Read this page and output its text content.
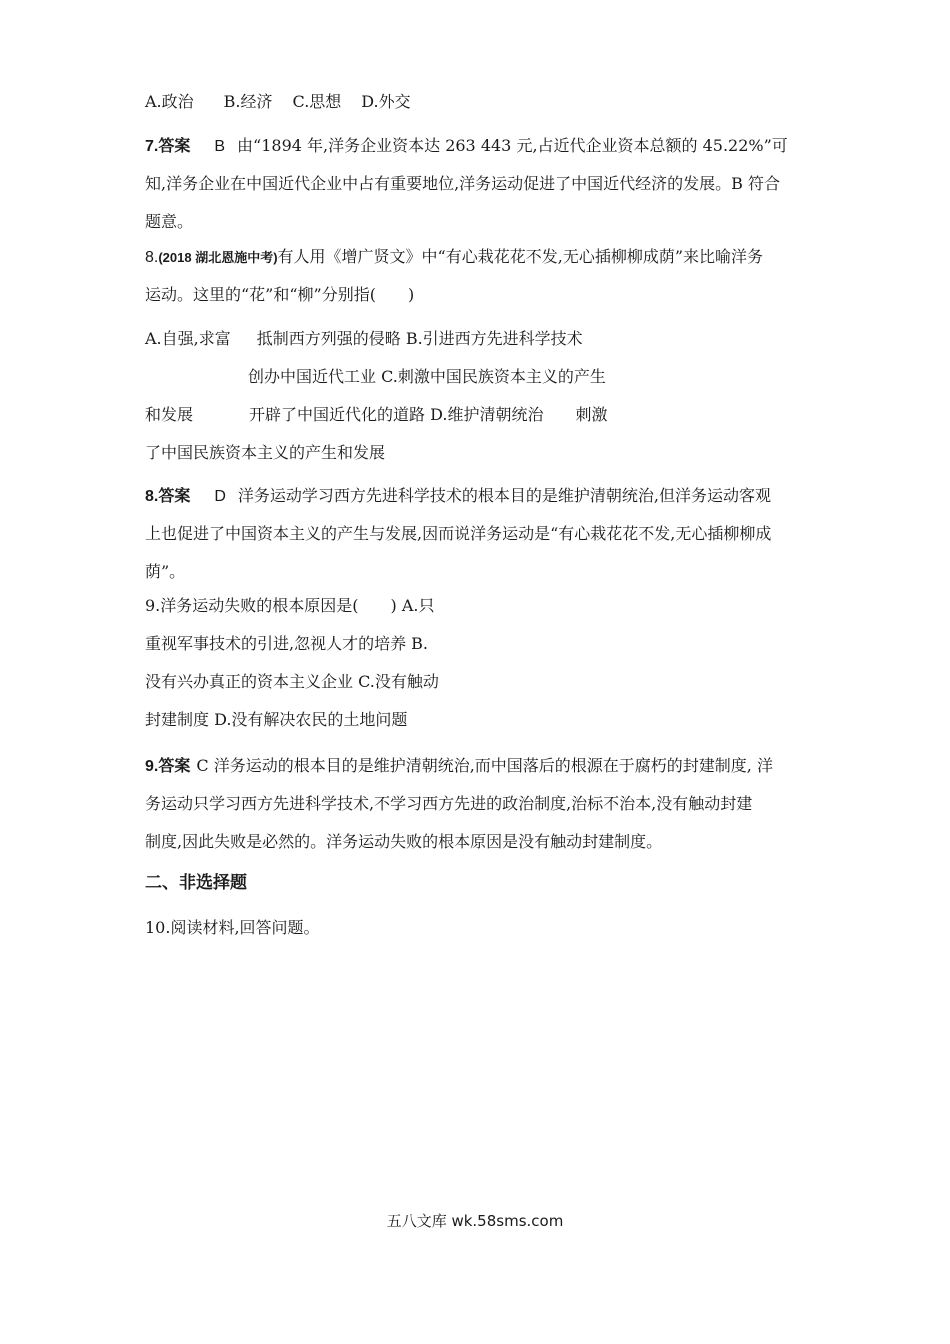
A.政治 B.经济 C.思想 D.外交
7.答案 B 由“1894 年,洋务企业资本达 263 443 元,占近代企业资本总额的 45.22%”可
知,洋务企业在中国近代企业中占有重要地位,洋务运动促进了中国近代经济的发展。B 符合
题意。
8.(2018 湖北恩施中考)有人用《增广贤文》中“有心栽花花不发,无心插柳柳成荫”来比喻洋务
运动。这里的“花”和“柳”分别指(　　)
A.自强,求富 抵制西方列强的侵略 B.引进西方先进科学技术
创办中国近代工业 C.刺激中国民族资本主义的产生
和发展	开辟了中国近代化的道路 D.维护清朝统治 刺激
了中国民族资本主义的产生和发展
8.答案 D 洋务运动学习西方先进科学技术的根本目的是维护清朝统治,但洋务运动客观
上也促进了中国资本主义的产生与发展,因而说洋务运动是“有心栽花花不发,无心插柳柳成
荫”。
9.洋务运动失败的根本原因是(　　) A.只
重视军事技术的引进,忽视人才的培养 B.
没有兴办真正的资本主义企业 C.没有触动
封建制度 D.没有解决农民的土地问题
9.答案 C 洋务运动的根本目的是维护清朝统治,而中国落后的根源在于腐朽的封建制度, 洋
务运动只学习西方先进科学技术,不学习西方先进的政治制度,治标不治本,没有触动封建
制度,因此失败是必然的。洋务运动失败的根本原因是没有触动封建制度。
二、非选择题
10.阅读材料,回答问题。
五八文库 wk.58sms.com
